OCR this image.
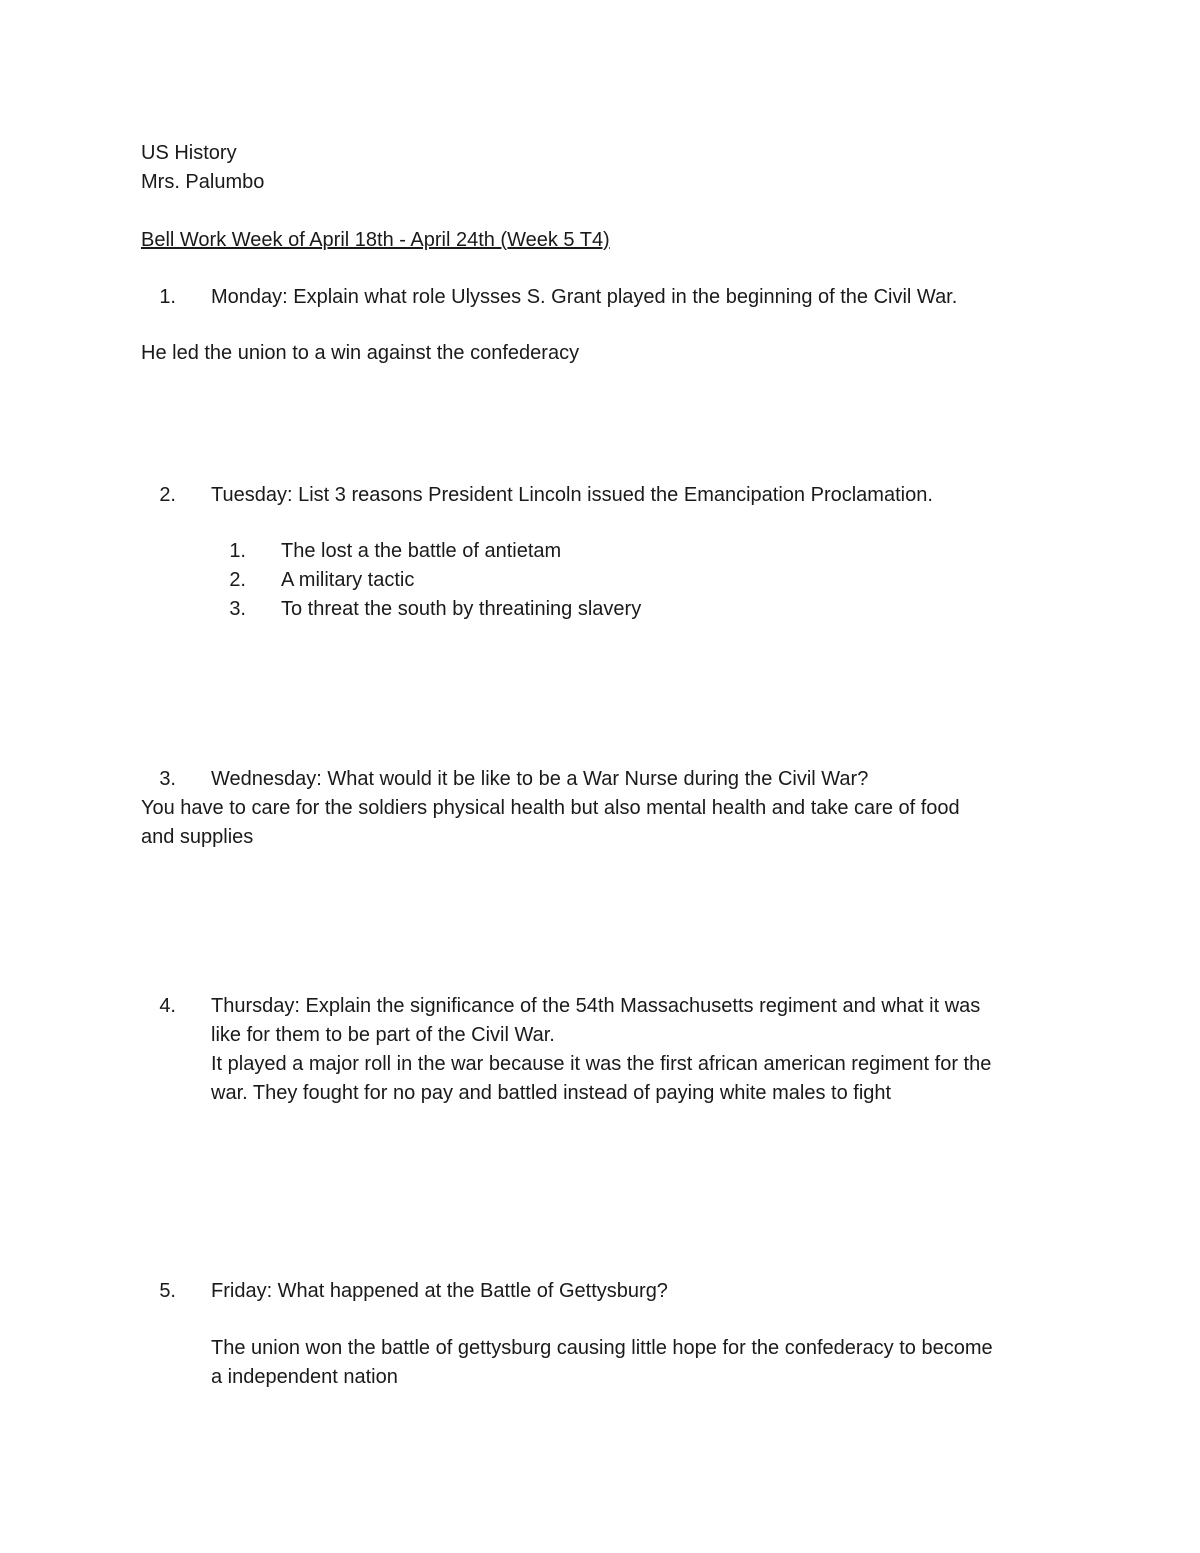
US History
Mrs. Palumbo
Bell Work Week of April 18th - April 24th (Week 5 T4)
1. Monday: Explain what role Ulysses S. Grant played in the beginning of the Civil War.
He led the union to a win against the confederacy
2. Tuesday: List 3 reasons President Lincoln issued the Emancipation Proclamation.
1. The lost a the battle of antietam
2. A military tactic
3. To threat the south by threatining slavery
3. Wednesday: What would it be like to be a War Nurse during the Civil War?
You have to care for the soldiers physical health but also mental health and take care of food
and supplies
4. Thursday: Explain the significance of the 54th Massachusetts regiment and what it was
like for them to be part of the Civil War.
It played a major roll in the war because it was the first african american regiment for the
war. They fought for no pay and battled instead of paying white males to fight
5. Friday: What happened at the Battle of Gettysburg?
The union won the battle of gettysburg causing little hope for the confederacy to become
a independent nation
